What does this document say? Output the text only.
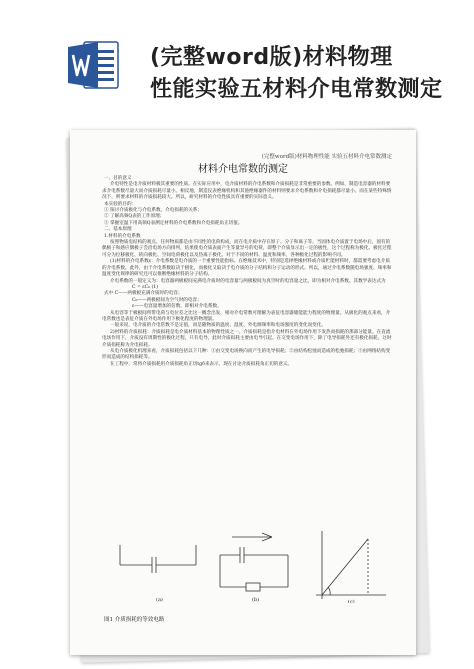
(完整word版)材料物理
性能实验五材料介电常数测定
(完整word版)材料物理性能 实验五材料介电常数测定
材料介电常数的测定

一、目的意义

介电特性是电介质材料极其重要的性质。在实际应用中，电介质材料的介电系数和介质损耗是非常重要的参数。例如，制造电容器的材料要求介电系数尽量大而介质损耗尽量小。相反地，制造仪表绝缘机构和其他绝缘器件的材料则要求介电系数和介电损耗都尽量小。而在某些特殊情况下，则要求材料的介质损耗较大。所以，研究材料的介电性质具有重要的实际意义。

本实验的目的：

① 探讨介质极化与介电系数、介电损耗的关系；

② 了解高频Q表的工作原理；

③ 掌握室温下用高频Q表测定材料的介电系数和介电损耗角正切值。

二、基本原理

1.材料的介电系数

按照物质电结构的观点，任何物质都是由不同性的电荷构成，而在电介质中存在原子、分子和离子等。当固体电介质置于电场中后，固有的偶极子和感应偶极子会沿电场方向排列，结果使电介质表面产生等量异号的电荷，即整个介质显示出一定的极性，这个过程称为极化。极化过程可分为位移极化、转向极化、空间电荷极化以及热离子极化。对于不同的材料、温度和频率，各种极化过程的影响不同。

(1)材料的介电系数ε：介电系数是电介质的一个重要性能指标。在绝缘技术中，特别是选择绝缘材料或介质贮能材料时，都需要考虑电介质的介电系数。此外，由于介电系数取决于极化，而极化又取决于电介质的分子结构和分子运动的形式。所以，通过介电系数随电场强度、频率和温度变化规律的研究还可以推断绝缘材料的分子结构。

介电系数的一般定义为：电容器两极板间充满电介质时的电容量与两极板间为真空时的电容量之比，即为相对介电系数。其数学表达式为

C = εC₀ (1)

式中 C——两极板充满介质时的电容；

C₀——两极板间为空气时的电容；

ε——电容量增加的倍数，即相对介电系数。

从电容等于极板间所带电荷与电位差之比这一概念出发，相对介电常数可理解为表征电容器储能能力程度的物理量。从极化的观点来看，介电常数也是表征介质在外电场作用下极化程度的物理量。

一般来说，电介质的介电常数不是定值，而是随物质的温度、湿度、外电源频率和电场强度的变化而变化。

2)材料的介质损耗：介质损耗是电介质材料基本的物理性质之一。介质损耗是指介电材料在外电场作用下发热而损耗的那部分能量。在直流电场作用下，介质没有周期性的极化过程，只有电导，此时介质损耗主要由电导引起。在交变电场作用下，除了电导损耗外还有极化损耗，这时介质损耗称为介电损耗。

从电介质极化机理来看，介质损耗包括以下几种：①由交变电场换向而产生的电导损耗；②由结构松弛而造成的松弛损耗；③由网络结构变形而造成的结构损耗等。

在工程中，常将介质损耗用介质损耗角正切tgδ来表示，现在讨论介质损耗角正切的意义。

(a)	(b)	(c)
图1 介质损耗的等效电路
